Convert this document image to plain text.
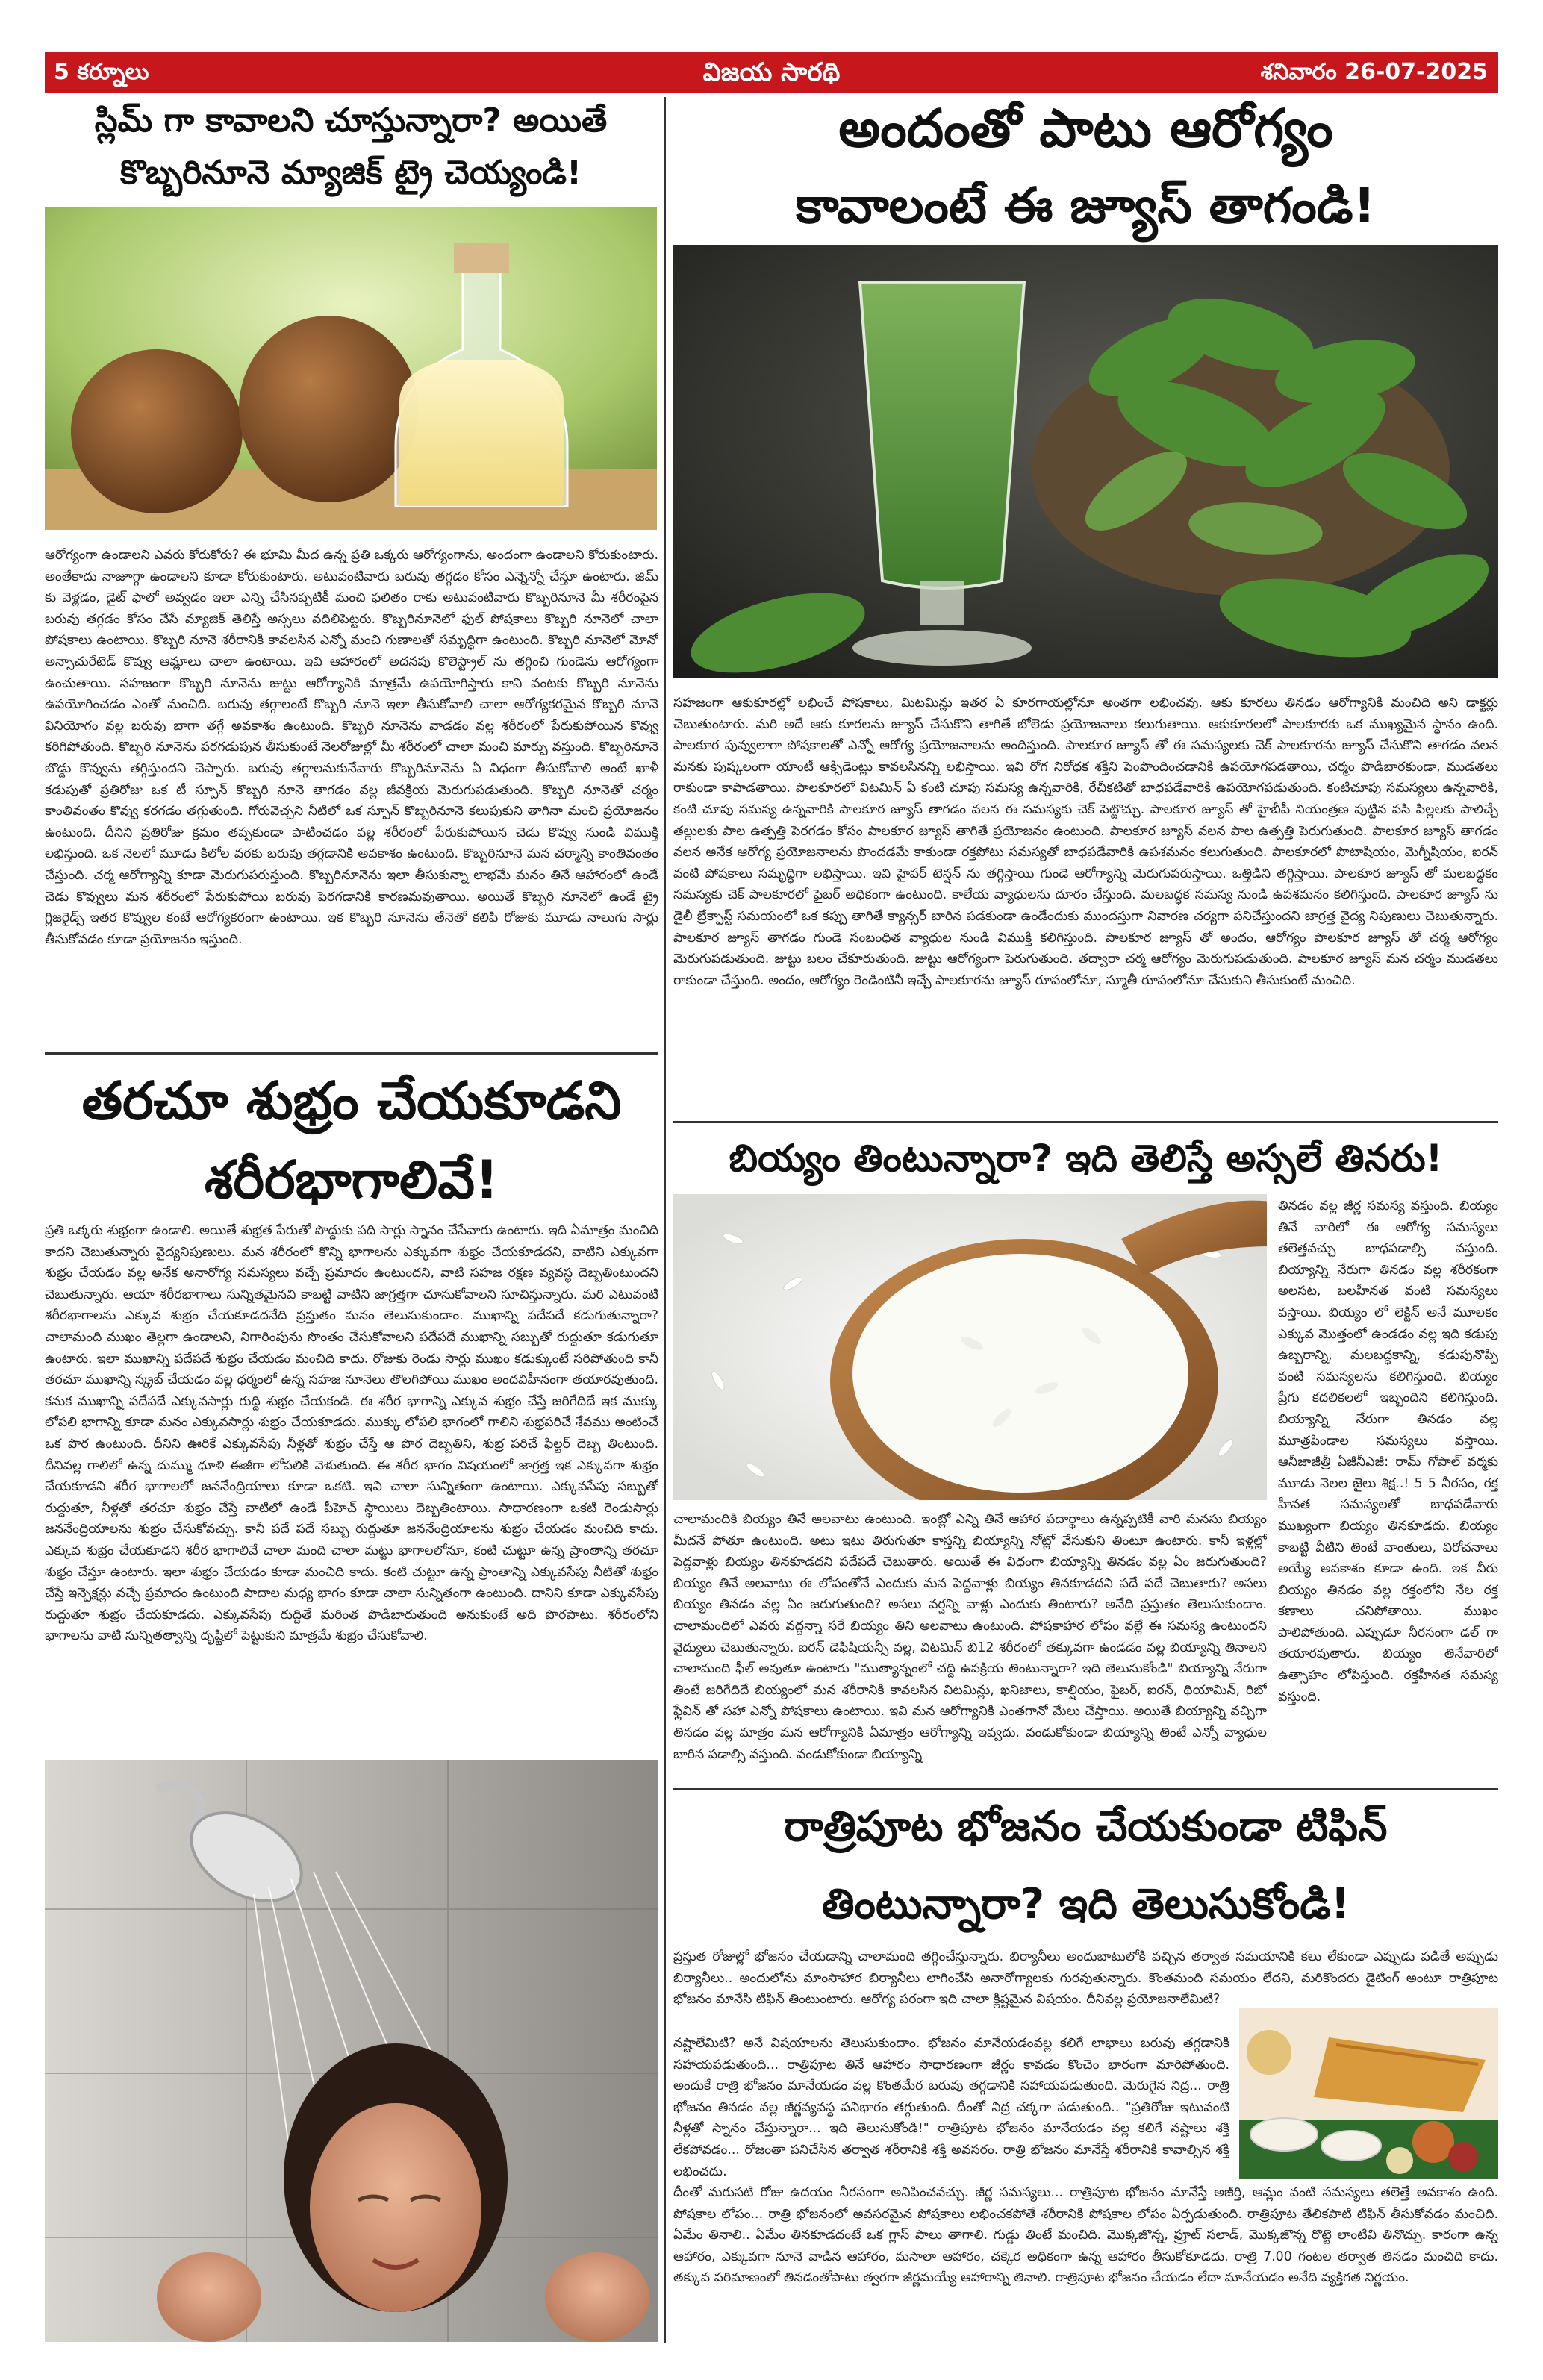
5 కర్నూలు	విజయ సారథి	శనివారం 26-07-2025
స్లిమ్ గా కావాలని చూస్తున్నారా? అయితే
కొబ్బరినూనె మ్యాజిక్ ట్రై చెయ్యండి!

ఆరోగ్యంగా ఉండాలని ఎవరు కోరుకోరు? ఈ భూమి మీద ఉన్న ప్రతి ఒక్కరు ఆరోగ్యంగాను, అందంగా ఉండాలని కోరుకుంటారు. అంతేకాదు నాజూగ్గా ఉండాలని కూడా కోరుకుంటారు. అటువంటివారు బరువు తగ్గడం కోసం ఎన్నెన్నో చేస్తూ ఉంటారు. జిమ్ కు వెళ్లడం, డైట్ ఫాలో అవ్వడం ఇలా ఎన్ని చేసినప్పటికీ మంచి ఫలితం రాకు అటువంటివారు కొబ్బరినూనె మీ శరీరంపైన బరువు తగ్గడం కోసం చేసే మ్యాజిక్ తెలిస్తే అస్సలు వదిలిపెట్టరు. కొబ్బరినూనెలో ఫుల్ పోషకాలు కొబ్బరి నూనెలో చాలా పోషకాలు ఉంటాయి. కొబ్బరి నూనె శరీరానికి కావలసిన ఎన్నో మంచి గుణాలతో సమృద్ధిగా ఉంటుంది. కొబ్బరి నూనెలో మోనో అన్సాచురేటెడ్ కొవ్వు ఆమ్లాలు చాలా ఉంటాయి. ఇవి ఆహారంలో అదనపు కొలెస్ట్రాల్ ను తగ్గించి గుండెను ఆరోగ్యంగా ఉంచుతాయి. సహజంగా కొబ్బరి నూనెను జుట్టు ఆరోగ్యానికి మాత్రమే ఉపయోగిస్తారు కాని వంటకు కొబ్బరి నూనెను ఉపయోగించడం ఎంతో మంచిది. బరువు తగ్గాలంటే కొబ్బరి నూనె ఇలా తీసుకోవాలి చాలా ఆరోగ్యకరమైన కొబ్బరి నూనె వినియోగం వల్ల బరువు బాగా తగ్గే అవకాశం ఉంటుంది. కొబ్బరి నూనెను వాడడం వల్ల శరీరంలో పేరుకుపోయిన కొవ్వు కరిగిపోతుంది. కొబ్బరి నూనెను పరగడుపున తీసుకుంటే నెలరోజుల్లో మీ శరీరంలో చాలా మంచి మార్పు వస్తుంది. కొబ్బరినూనె బొడ్డు కొవ్వును తగ్గిస్తుందని చెప్పారు. బరువు తగ్గాలనుకునేవారు కొబ్బరినూనెను ఏ విధంగా తీసుకోవాలి అంటే ఖాళీ కడుపుతో ప్రతిరోజు ఒక టీ స్పూన్ కొబ్బరి నూనె తాగడం వల్ల జీవక్రియ మెరుగుపడుతుంది. కొబ్బరి నూనెతో చర్మం కాంతివంతం కొవ్వు కరగడం తగ్గుతుంది. గోరువెచ్చని నీటిలో ఒక స్పూన్ కొబ్బరినూనె కలుపుకుని తాగినా మంచి ప్రయోజనం ఉంటుంది. దీనిని ప్రతిరోజు క్రమం తప్పకుండా పాటించడం వల్ల శరీరంలో పేరుకుపోయిన చెడు కొవ్వు నుండి విముక్తి లభిస్తుంది. ఒక నెలలో మూడు కిలోల వరకు బరువు తగ్గడానికి అవకాశం ఉంటుంది. కొబ్బరినూనె మన చర్మాన్ని కాంతివంతం చేస్తుంది. చర్మ ఆరోగ్యాన్ని కూడా మెరుగుపరుస్తుంది. కొబ్బరినూనెను ఇలా తీసుకున్నా లాభమే మనం తినే ఆహారంలో ఉండే చెడు కొవ్వులు మన శరీరంలో పేరుకుపోయి బరువు పెరగడానికి కారణమవుతాయి. అయితే కొబ్బరి నూనెలో ఉండే ట్రై గ్లిజరైడ్స్ ఇతర కొవ్వుల కంటే ఆరోగ్యకరంగా ఉంటాయి. ఇక కొబ్బరి నూనెను తేనెతో కలిపి రోజుకు మూడు నాలుగు సార్లు తీసుకోవడం కూడా ప్రయోజనం ఇస్తుంది.

అందంతో పాటు ఆరోగ్యం
కావాలంటే ఈ జ్యూస్ తాగండి!

సహజంగా ఆకుకూరల్లో లభించే పోషకాలు, మిటమిన్లు ఇతర ఏ కూరగాయల్లోనూ అంతగా లభించవు. ఆకు కూరలు తినడం ఆరోగ్యానికి మంచిది అని డాక్టర్లు చెబుతుంటారు. మరి అదే ఆకు కూరలను జ్యూస్ చేసుకొని తాగితే బోలెడు ప్రయోజనాలు కలుగుతాయి. ఆకుకూరలలో పాలకూరకు ఒక ముఖ్యమైన స్థానం ఉంది. పాలకూర పువ్వులాగా పోషకాలతో ఎన్నో ఆరోగ్య ప్రయోజనాలను అందిస్తుంది. పాలకూర జ్యూస్ తో ఈ సమస్యలకు చెక్ పాలకూరను జ్యూస్ చేసుకొని తాగడం వలన మనకు పుష్కలంగా యాంటీ ఆక్సిడెంట్లు కావలసినన్ని లభిస్తాయి. ఇవి రోగ నిరోధక శక్తిని పెంపొందించడానికి ఉపయోగపడతాయి, చర్మం పొడిబారకుండా, ముడతలు రాకుండా కాపాడతాయి. పాలకూరలో విటమిన్ ఏ కంటి చూపు సమస్య ఉన్నవారికి, రేచీకటితో బాధపడేవారికి ఉపయోగపడుతుంది. కంటిచూపు సమస్యలు ఉన్నవారికి, కంటి చూపు సమస్య ఉన్నవారికి పాలకూర జ్యూస్ తాగడం వలన ఈ సమస్యకు చెక్ పెట్టొచ్చు. పాలకూర జ్యూస్ తో హైబీపీ నియంత్రణ పుట్టిన పసి పిల్లలకు పాలిచ్చే తల్లులకు పాల ఉత్పత్తి పెరగడం కోసం పాలకూర జ్యూస్ తాగితే ప్రయోజనం ఉంటుంది. పాలకూర జ్యూస్ వలన పాల ఉత్పత్తి పెరుగుతుంది. పాలకూర జ్యూస్ తాగడం వలన అనేక ఆరోగ్య ప్రయోజనాలను పొందడమే కాకుండా రక్తపోటు సమస్యతో బాధపడేవారికి ఉపశమనం కలుగుతుంది. పాలకూరలో పొటాషియం, మెగ్నీషియం, ఐరన్ వంటి పోషకాలు సమృద్ధిగా లభిస్తాయి. ఇవి హైపర్ టెన్షన్ ను తగ్గిస్తాయి గుండె ఆరోగ్యాన్ని మెరుగుపరుస్తాయి. ఒత్తిడిని తగ్గిస్తాయి. పాలకూర జ్యూస్ తో మలబద్ధకం సమస్యకు చెక్ పాలకూరలో ఫైబర్ అధికంగా ఉంటుంది. కాలేయ వ్యాధులను దూరం చేస్తుంది. మలబద్ధక సమస్య నుండి ఉపశమనం కలిగిస్తుంది. పాలకూర జ్యూస్ ను డైలీ బ్రేక్ఫాస్ట్ సమయంలో ఒక కప్పు తాగితే క్యాన్సర్ బారిన పడకుండా ఉండేందుకు ముందస్తుగా నివారణ చర్యగా పనిచేస్తుందని జాగ్రత్త వైద్య నిపుణులు చెబుతున్నారు. పాలకూర జ్యూస్ తాగడం గుండె సంబంధిత వ్యాధుల నుండి విముక్తి కలిగిస్తుంది. పాలకూర జ్యూస్ తో అందం, ఆరోగ్యం పాలకూర జ్యూస్ తో చర్మ ఆరోగ్యం మెరుగుపడుతుంది. జుట్టు బలం చేకూరుతుంది. జుట్టు ఆరోగ్యంగా పెరుగుతుంది. తద్వారా చర్మ ఆరోగ్యం మెరుగుపడుతుంది. పాలకూర జ్యూస్ మన చర్మం ముడతలు రాకుండా చేస్తుంది. అందం, ఆరోగ్యం రెండింటినీ ఇచ్చే పాలకూరను జ్యూస్ రూపంలోనూ, స్మూతీ రూపంలోనూ చేసుకుని తీసుకుంటే మంచిది.

తరచూ శుభ్రం చేయకూడని
శరీరభాగాలివే!

ప్రతి ఒక్కరు శుభ్రంగా ఉండాలి. అయితే శుభ్రత పేరుతో పొద్దుకు పది సార్లు స్నానం చేసేవారు ఉంటారు. ఇది ఏమాత్రం మంచిది కాదని చెబుతున్నారు వైద్యనిపుణులు. మన శరీరంలో కొన్ని భాగాలను ఎక్కువగా శుభ్రం చేయకూడదని, వాటిని ఎక్కువగా శుభ్రం చేయడం వల్ల అనేక అనారోగ్య సమస్యలు వచ్చే ప్రమాదం ఉంటుందని, వాటి సహజ రక్షణ వ్యవస్థ దెబ్బతింటుందని చెబుతున్నారు. ఆయా శరీరభాగాలు సున్నితమైనవి కాబట్టి వాటిని జాగ్రత్తగా చూసుకోవాలని సూచిస్తున్నారు. మరి ఎటువంటి శరీరభాగాలను ఎక్కువ శుభ్రం చేయకూడదనేది ప్రస్తుతం మనం తెలుసుకుందాం. ముఖాన్ని పదేపదే కడుగుతున్నారా? చాలామంది ముఖం తెల్లగా ఉండాలని, నిగారింపును సొంతం చేసుకోవాలని పదేపదే ముఖాన్ని సబ్బుతో రుద్దుతూ కడుగుతూ ఉంటారు. ఇలా ముఖాన్ని పదేపదే శుభ్రం చేయడం మంచిది కాదు. రోజుకు రెండు సార్లు ముఖం కడుక్కుంటే సరిపోతుంది కానీ తరచూ ముఖాన్ని స్క్రబ్ చేయడం వల్ల ధర్మంలో ఉన్న సహజ నూనెలు తొలగిపోయి ముఖం అందవిహీనంగా తయారవుతుంది. కనుక ముఖాన్ని పదేపదే ఎక్కువసార్లు రుద్ది శుభ్రం చేయకండి. ఈ శరీర భాగాన్ని ఎక్కువ శుభ్రం చేస్తే జరిగేదిదే ఇక ముక్కు లోపలి భాగాన్ని కూడా మనం ఎక్కువసార్లు శుభ్రం చేయకూడదు. ముక్కు లోపలి భాగంలో గాలిని శుభ్రపరిచే శేవము అంటించే ఒక పొర ఉంటుంది. దీనిని ఊరికే ఎక్కువసేపు నీళ్లతో శుభ్రం చేస్తే ఆ పొర దెబ్బతిని, శుభ్ర పరిచే ఫిల్టర్ దెబ్బ తింటుంది. దీనివల్ల గాలిలో ఉన్న దుమ్ము ధూళి ఈజీగా లోపలికి వెళుతుంది. ఈ శరీర భాగం విషయంలో జాగ్రత్త ఇక ఎక్కువగా శుభ్రం చేయకూడని శరీర భాగాలలో జననేంద్రియాలు కూడా ఒకటి. ఇవి చాలా సున్నితంగా ఉంటాయి. ఎక్కువసేపు సబ్బుతో రుద్దుతూ, నీళ్లతో తరచూ శుభ్రం చేస్తే వాటిలో ఉండే పీహెచ్ స్థాయిలు దెబ్బతింటాయి. సాధారణంగా ఒకటి రెండుసార్లు జననేంద్రియాలను శుభ్రం చేసుకోవచ్చు. కానీ పదే పదే సబ్బు రుద్దుతూ జననేంద్రియాలను శుభ్రం చేయడం మంచిది కాదు. ఎక్కువ శుభ్రం చేయకూడని శరీర భాగాలివే చాలా మంది చాలా మట్టు భాగాలలోనూ, కంటి చుట్టూ ఉన్న ప్రాంతాన్ని తరచూ శుభ్రం చేస్తూ ఉంటారు. ఇలా శుభ్రం చేయడం కూడా మంచిది కాదు. కంటి చుట్టూ ఉన్న ప్రాంతాన్ని ఎక్కువసేపు నీటితో శుభ్రం చేస్తే ఇన్ఫెక్షన్లు వచ్చే ప్రమాదం ఉంటుంది పాదాల మధ్య భాగం కూడా చాలా సున్నితంగా ఉంటుంది. దానిని కూడా ఎక్కువసేపు రుద్దుతూ శుభ్రం చేయకూడదు. ఎక్కువసేపు రుద్దితే మరింత పొడిబారుతుంది అనుకుంటే అది పొరపాటు. శరీరంలోని భాగాలను వాటి సున్నితత్వాన్ని దృష్టిలో పెట్టుకుని మాత్రమే శుభ్రం చేసుకోవాలి.

బియ్యం తింటున్నారా? ఇది తెలిస్తే అస్సలే తినరు!

తినడం వల్ల జీర్ణ సమస్య వస్తుంది. బియ్యం తినే వారిలో ఈ ఆరోగ్య సమస్యలు తలెత్తవచ్చు బాధపడాల్సి వస్తుంది. బియ్యాన్ని నేరుగా తినడం వల్ల శరీరకంగా అలసట, బలహీనత వంటి సమస్యలు వస్తాయి. బియ్యం లో లెక్టిన్ అనే మూలకం ఎక్కువ మొత్తంలో ఉండడం వల్ల ఇది కడుపు ఉబ్బరాన్ని, మలబద్ధకాన్ని, కడుపునొప్పి వంటి సమస్యలను కలిగిస్తుంది. బియ్యం ప్రేగు కదలికలలో ఇబ్బందిని కలిగిస్తుంది. బియ్యాన్ని నేరుగా తినడం వల్ల మూత్రపిండాల సమస్యలు వస్తాయి. ఆనీజాజీత్రీ ఏజీనీఎజీ: రామ్ గోపాల్ వర్మకు మూడు నెలల జైలు శిక్ష..! 5 5 నీరసం, రక్త హీనత సమస్యలతో బాధపడేవారు ముఖ్యంగా బియ్యం తినకూడదు. బియ్యం కాబట్టి వీటిని తింటే వాంతులు, విరోచనాలు అయ్యే అవకాశం కూడా ఉంది. ఇక వీరు బియ్యం తినడం వల్ల రక్తంలోని నేల రక్త కణాలు చనిపోతాయి. ముఖం పాలిపోతుంది. ఎప్పుడూ నీరసంగా డల్ గా తయారవుతారు. బియ్యం తినేవారిలో ఉత్సాహం లోపిస్తుంది. రక్తహీనత సమస్య వస్తుంది.

చాలామందికి బియ్యం తినే అలవాటు ఉంటుంది. ఇంట్లో ఎన్ని తినే ఆహార పదార్థాలు ఉన్నప్పటికీ వారి మనసు బియ్యం మీదనే పోతూ ఉంటుంది. అటు ఇటు తిరుగుతూ కాస్తన్ని బియ్యాన్ని నోట్లో వేసుకుని తింటూ ఉంటారు. కానీ ఇళ్లల్లో పెద్దవాళ్లు బియ్యం తినకూడదని పదేపదే చెబుతారు. అయితే ఈ విధంగా బియ్యాన్ని తినడం వల్ల ఏం జరుగుతుంది? బియ్యం తినే అలవాటు ఈ లోపంతోనే ఎందుకు మన పెద్దవాళ్లు బియ్యం తినకూడదని పదే పదే చెబుతారు? అసలు బియ్యం తినడం వల్ల ఏం జరుగుతుంది? అసలు వర్షన్ని వాళ్లు ఎందుకు తింటారు? అనేది ప్రస్తుతం తెలుసుకుందాం. చాలామందిలో ఎవరు వద్దన్నా సరే బియ్యం తిని అలవాటు ఉంటుంది. పోషకాహార లోపం వల్లే ఈ సమస్య ఉంటుందని వైద్యులు చెబుతున్నారు. ఐరన్ డెఫిషియన్సీ వల్ల, విటమిన్ బి12 శరీరంలో తక్కువగా ఉండడం వల్ల బియ్యాన్ని తినాలని చాలామంది ఫీల్ అవుతూ ఉంటారు "ముత్యాన్నంలో చద్ది ఉపక్రియ తింటున్నారా? ఇది తెలుసుకోండి" బియ్యాన్ని నేరుగా తింటే జరిగేదిదే బియ్యంలో మన శరీరానికి కావలసిన విటమిన్లు, ఖనిజాలు, కాల్షియం, ఫైబర్, ఐరన్, థియామిన్, రిబో ఫ్లేవిన్ తో సహా ఎన్నో పోషకాలు ఉంటాయి. ఇవి మన ఆరోగ్యానికి ఎంతగానో మేలు చేస్తాయి. అయితే బియ్యాన్ని వచ్చిగా తినడం వల్ల మాత్రం మన ఆరోగ్యానికి ఏమాత్రం ఆరోగ్యాన్ని ఇవ్వదు. వండుకోకుండా బియ్యాన్ని తింటే ఎన్నో వ్యాధుల బారిన పడాల్సి వస్తుంది. వండుకోకుండా బియ్యాన్ని

రాత్రిపూట భోజనం చేయకుండా టిఫిన్
తింటున్నారా? ఇది తెలుసుకోండి!

ప్రస్తుత రోజుల్లో భోజనం చేయడాన్ని చాలామంది తగ్గించేస్తున్నారు. బిర్యానీలు అందుబాటులోకి వచ్చిన తర్వాత సమయానికి కలు లేకుండా ఎప్పుడు పడితే అప్పుడు బిర్యానీలు.. అందులోను మాంసాహార బిర్యానీలు లాగించేసి అనారోగ్యాలకు గురవుతున్నారు. కొంతమంది సమయం లేదని, మరికొందరు డైటింగ్ అంటూ రాత్రిపూట భోజనం మానేసి టిఫిన్ తింటుంటారు. ఆరోగ్య పరంగా ఇది చాలా క్లిష్టమైన విషయం. దీనివల్ల ప్రయోజనాలేమిటి?

నష్టాలేమిటి? అనే విషయాలను తెలుసుకుందాం. భోజనం మానేయడంవల్ల కలిగే లాభాలు బరువు తగ్గడానికి సహాయపడుతుంది... రాత్రిపూట తినే ఆహారం సాధారణంగా జీర్ణం కావడం కొంచెం భారంగా మారిపోతుంది. అందుకే రాత్రి భోజనం మానేయడం వల్ల కొంతమేర బరువు తగ్గడానికి సహాయపడుతుంది. మెరుగైన నిద్ర... రాత్రి భోజనం తినడం వల్ల జీర్ణవ్యవస్థ పనిభారం తగ్గుతుంది. దీంతో నిద్ర చక్కగా పడుతుంది.. "ప్రతిరోజు ఇటువంటి నీళ్లతో స్నానం చేస్తున్నారా... ఇది తెలుసుకోండి!" రాత్రిపూట భోజనం మానేయడం వల్ల కలిగే నష్టాలు శక్తి లేకపోవడం... రోజంతా పనిచేసిన తర్వాత శరీరానికి శక్తి అవసరం. రాత్రి భోజనం మానేస్తే శరీరానికి కావాల్సిన శక్తి లభించదు.

దీంతో మరుసటి రోజు ఉదయం నీరసంగా అనిపించవచ్చు. జీర్ణ సమస్యలు... రాత్రిపూట భోజనం మానేస్తే అజీర్తి, ఆమ్లం వంటి సమస్యలు తలెత్తే అవకాశం ఉంది. పోషకాల లోపం... రాత్రి భోజనంలో అవసరమైన పోషకాలు లభించకపోతే శరీరానికి పోషకాల లోపం ఏర్పడుతుంది. రాత్రిపూట తేలికపాటి టిఫిన్ తీసుకోవడం మంచిది. ఏమేం తినాలి.. ఏమేం తినకూడదంటే ఒక గ్లాస్ పాలు తాగాలి. గుడ్డు తింటే మంచిది. మొక్కజొన్న, ఫ్రూట్ సలాడ్, మొక్కజొన్న రొట్టె లాంటివి తినొచ్చు. కారంగా ఉన్న ఆహారం, ఎక్కువగా నూనె వాడిన ఆహారం, మసాలా ఆహారం, చక్కెర అధికంగా ఉన్న ఆహారం తీసుకోకూడదు. రాత్రి 7.00 గంటల తర్వాత తినడం మంచిది కాదు. తక్కువ పరిమాణంలో తినడంతోపాటు త్వరగా జీర్ణమయ్యే ఆహారాన్ని తినాలి. రాత్రిపూట భోజనం చేయడం లేదా మానేయడం అనేది వ్యక్తిగత నిర్ణయం.
